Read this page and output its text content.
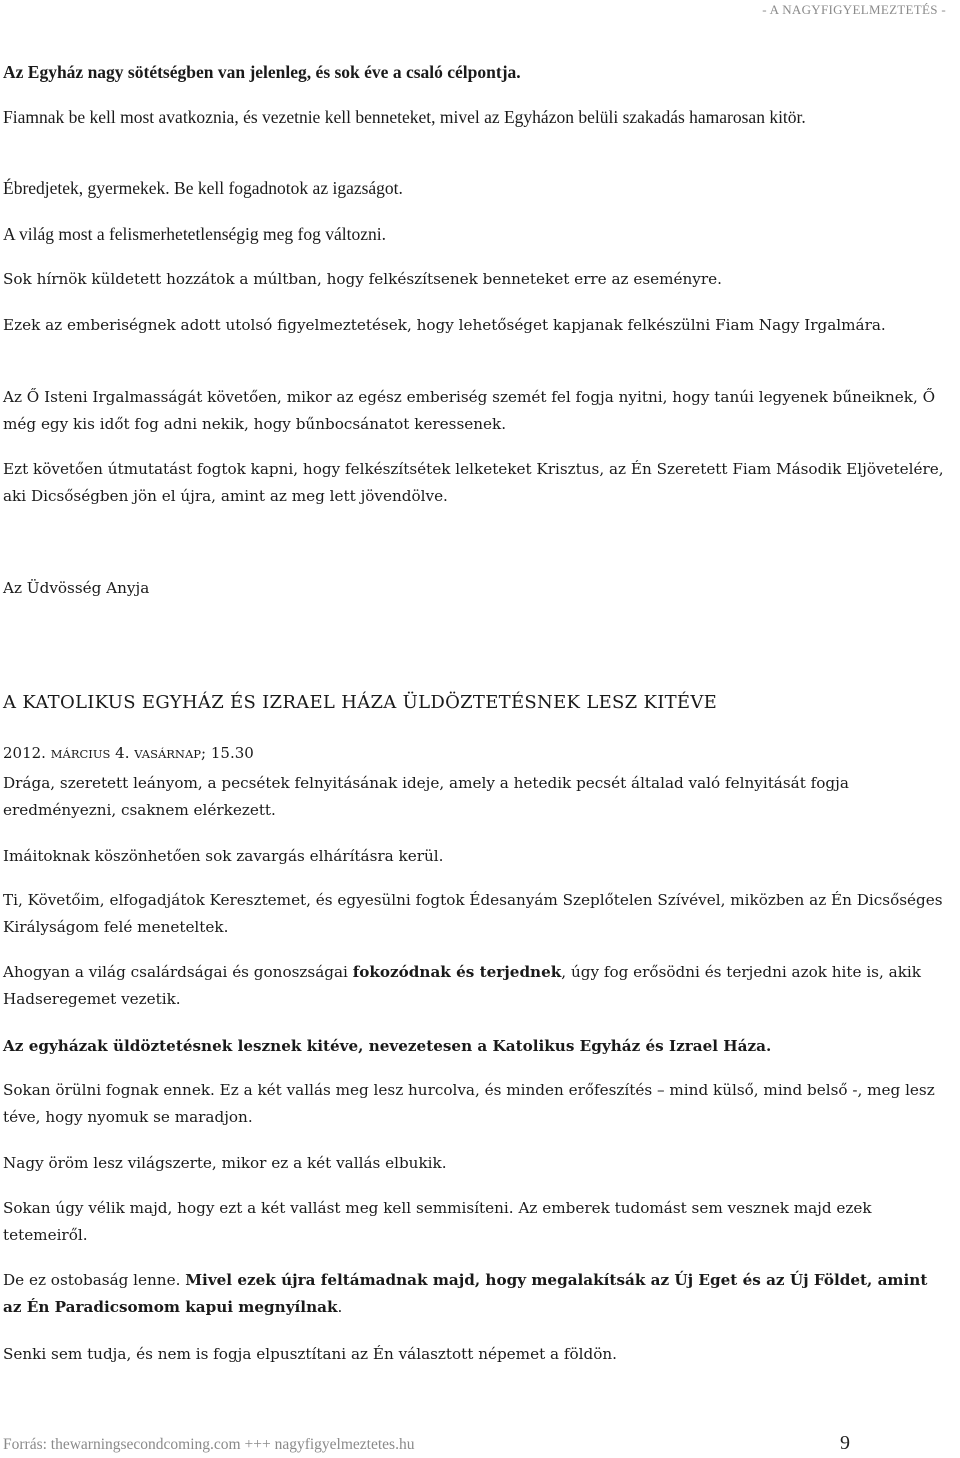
- A NAGYFIGYELMEZTETÉS -

Az Egyház nagy sötétségben van jelenleg, és sok éve a csaló célpontja.

Fiamnak be kell most avatkoznia, és vezetnie kell benneteket, mivel az Egyházon belüli szakadás hamarosan kitör.

Ébredjetek, gyermekek. Be kell fogadnotok az igazságot.

A világ most a felismerhetetlenségig meg fog változni.

Sok hírnök küldetett hozzátok a múltban, hogy felkészítsenek benneteket erre az eseményre.

Ezek az emberiségnek adott utolsó figyelmeztetések, hogy lehetőséget kapjanak felkészülni Fiam Nagy Irgalmára.

Az Ő Isteni Irgalmasságát követően, mikor az egész emberiség szemét fel fogja nyitni, hogy tanúi legyenek bűneiknek, Ő még egy kis időt fog adni nekik, hogy bűnbocsánatot keressenek.

Ezt követően útmutatást fogtok kapni, hogy felkészítsétek lelketeket Krisztus, az Én Szeretett Fiam Második Eljövetelére, aki Dicsőségben jön el újra, amint az meg lett jövendölve.

Az Üdvösség Anyja

A KATOLIKUS EGYHÁZ ÉS IZRAEL HÁZA ÜLDÖZTETÉSNEK LESZ KITÉVE

2012. MÁRCIUS 4. VASÁRNAP; 15.30

Drága, szeretett leányom, a pecsétek felnyitásának ideje, amely a hetedik pecsét általad való felnyitását fogja eredményezni, csaknem elérkezett.

Imáitoknak köszönhetően sok zavargás elhárításra kerül.

Ti, Követőim, elfogadjátok Keresztemet, és egyesülni fogtok Édesanyám Szeplőtelen Szívével, miközben az Én Dicsőséges Királyságom felé meneteltek.

Ahogyan a világ csalárdságai és gonoszságai fokozódnak és terjednek, úgy fog erősödni és terjedni azok hite is, akik Hadseregemet vezetik.

Az egyházak üldöztetésnek lesznek kitéve, nevezetesen a Katolikus Egyház és Izrael Háza.

Sokan örülni fognak ennek. Ez a két vallás meg lesz hurcolva, és minden erőfeszítés – mind külső, mind belső -, meg lesz téve, hogy nyomuk se maradjon.

Nagy öröm lesz világszerte, mikor ez a két vallás elbukik.

Sokan úgy vélik majd, hogy ezt a két vallást meg kell semmisíteni. Az emberek tudomást sem vesznek majd ezek tetemeiről.

De ez ostobaság lenne. Mivel ezek újra feltámadnak majd, hogy megalakítsák az Új Eget és az Új Földet, amint az Én Paradicsomom kapui megnyílnak.

Senki sem tudja, és nem is fogja elpusztítani az Én választott népemet a földön.

Forrás: thewarningsecondcoming.com +++ nagyfigyelmeztetes.hu	9
